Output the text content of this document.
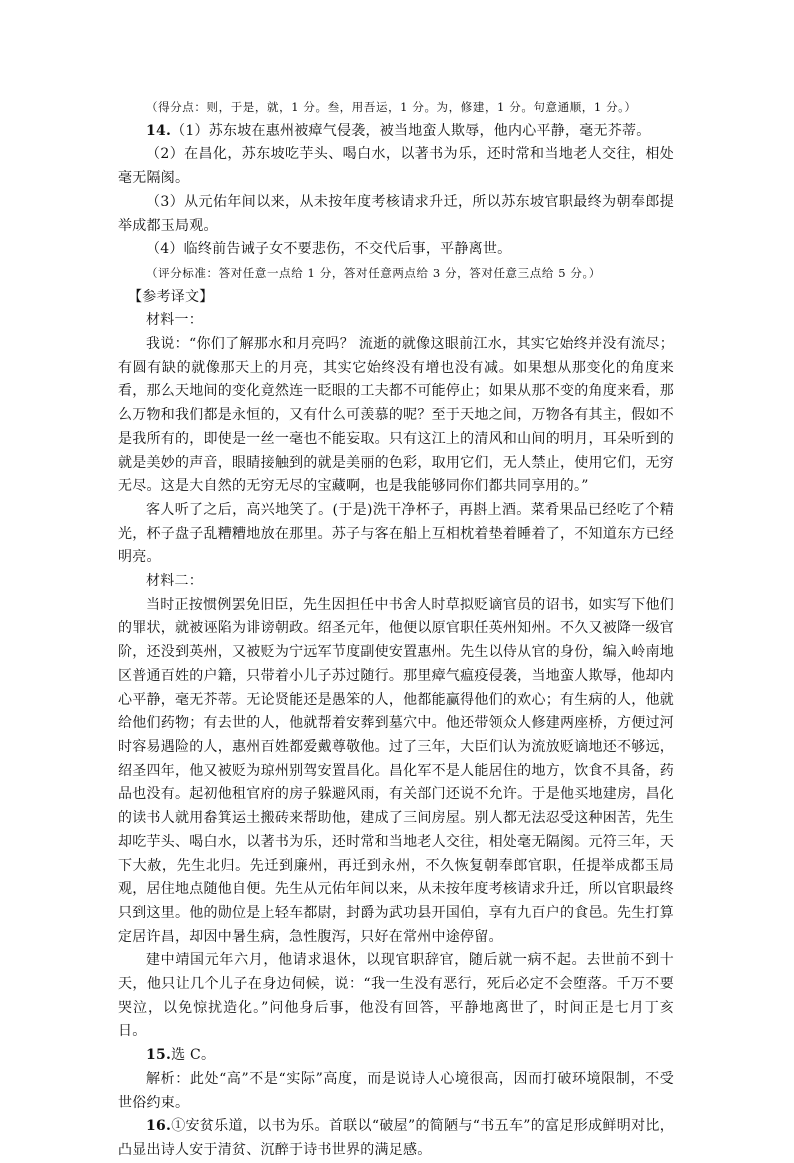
（得分点：则，于是，就，1 分。叁，用吾运，1 分。为，修建，1 分。句意通顺，1 分。）

14.（1）苏东坡在惠州被瘴气侵袭，被当地蛮人欺辱，他内心平静，毫无芥蒂。

（2）在昌化，苏东坡吃芋头、喝白水，以著书为乐，还时常和当地老人交往，相处毫无隔阂。

（3）从元佑年间以来，从未按年度考核请求升迁，所以苏东坡官职最终为朝奉郎提举成都玉局观。

（4）临终前告诫子女不要悲伤，不交代后事，平静离世。

（评分标准：答对任意一点给 1 分，答对任意两点给 3 分，答对任意三点给 5 分。）

【参考译文】

材料一：

我说：“你们了解那水和月亮吗？ 流逝的就像这眼前江水，其实它始终并没有流尽；有圆有缺的就像那天上的月亮，其实它始终没有增也没有减。如果想从那变化的角度来看，那么天地间的变化竟然连一眨眼的工夫都不可能停止；如果从那不变的角度来看，那么万物和我们都是永恒的，又有什么可羡慕的呢？至于天地之间，万物各有其主，假如不是我所有的，即使是一丝一毫也不能妄取。只有这江上的清风和山间的明月，耳朵听到的就是美妙的声音，眼睛接触到的就是美丽的色彩，取用它们，无人禁止，使用它们，无穷无尽。这是大自然的无穷无尽的宝藏啊，也是我能够同你们都共同享用的。”

客人听了之后，高兴地笑了。(于是)洗干净杯子，再斟上酒。菜肴果品已经吃了个精光，杯子盘子乱糟糟地放在那里。苏子与客在船上互相枕着垫着睡着了，不知道东方已经明亮。

材料二：

当时正按惯例罢免旧臣，先生因担任中书舍人时草拟贬谪官员的诏书，如实写下他们的罪状，就被诬陷为诽谤朝政。绍圣元年，他便以原官职任英州知州。不久又被降一级官阶，还没到英州，又被贬为宁远军节度副使安置惠州。先生以侍从官的身份，编入岭南地区普通百姓的户籍，只带着小儿子苏过随行。那里瘴气瘟疫侵袭，当地蛮人欺辱，他却内心平静，毫无芥蒂。无论贤能还是愚笨的人，他都能赢得他们的欢心；有生病的人，他就给他们药物；有去世的人，他就帮着安葬到墓穴中。他还带领众人修建两座桥，方便过河时容易遇险的人，惠州百姓都爱戴尊敬他。过了三年，大臣们认为流放贬谪地还不够远，绍圣四年，他又被贬为琼州别驾安置昌化。昌化军不是人能居住的地方，饮食不具备，药品也没有。起初他租官府的房子躲避风雨，有关部门还说不允许。于是他买地建房，昌化的读书人就用畚箕运土搬砖来帮助他，建成了三间房屋。别人都无法忍受这种困苦，先生却吃芋头、喝白水，以著书为乐，还时常和当地老人交往，相处毫无隔阂。元符三年，天下大赦，先生北归。先迁到廉州，再迁到永州，不久恢复朝奉郎官职，任提举成都玉局观，居住地点随他自便。先生从元佑年间以来，从未按年度考核请求升迁，所以官职最终只到这里。他的勋位是上轻车都尉，封爵为武功县开国伯，享有九百户的食邑。先生打算定居许昌，却因中暑生病，急性腹泻，只好在常州中途停留。

建中靖国元年六月，他请求退休，以现官职辞官，随后就一病不起。去世前不到十天，他只让几个儿子在身边伺候，说：“我一生没有恶行，死后必定不会堕落。千万不要哭泣，以免惊扰造化。”问他身后事，他没有回答，平静地离世了，时间正是七月丁亥日。

15.选 C。

解析：此处“高”不是“实际”高度，而是说诗人心境很高，因而打破环境限制，不受世俗约束。

16.①安贫乐道，以书为乐。首联以“破屋”的简陋与“书五车”的富足形成鲜明对比，凸显出诗人安于清贫、沉醉于诗书世界的满足感。
